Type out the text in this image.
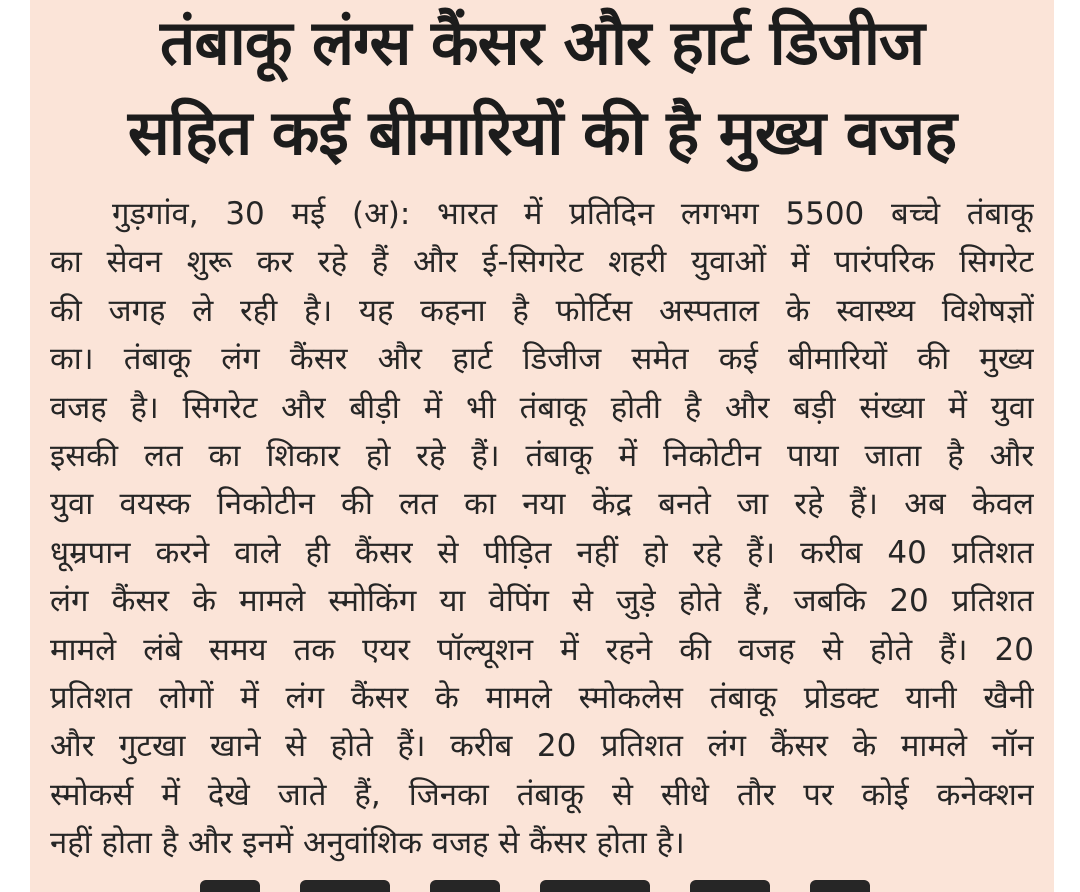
तंबाकू लंग्स कैंसर और हार्ट डिजीज
सहित कई बीमारियों की है मुख्य वजह
गुड़गांव, 30 मई (अ): भारत में प्रतिदिन लगभग 5500 बच्चे तंबाकू
का सेवन शुरू कर रहे हैं और ई-सिगरेट शहरी युवाओं में पारंपरिक सिगरेट
की जगह ले रही है। यह कहना है फोर्टिस अस्पताल के स्वास्थ्य विशेषज्ञों
का। तंबाकू लंग कैंसर और हार्ट डिजीज समेत कई बीमारियों की मुख्य
वजह है। सिगरेट और बीड़ी में भी तंबाकू होती है और बड़ी संख्या में युवा
इसकी लत का शिकार हो रहे हैं। तंबाकू में निकोटीन पाया जाता है और
युवा वयस्क निकोटीन की लत का नया केंद्र बनते जा रहे हैं। अब केवल
धूम्रपान करने वाले ही कैंसर से पीड़ित नहीं हो रहे हैं। करीब 40 प्रतिशत
लंग कैंसर के मामले स्मोकिंग या वेपिंग से जुड़े होते हैं, जबकि 20 प्रतिशत
मामले लंबे समय तक एयर पॉल्यूशन में रहने की वजह से होते हैं। 20
प्रतिशत लोगों में लंग कैंसर के मामले स्मोकलेस तंबाकू प्रोडक्ट यानी खैनी
और गुटखा खाने से होते हैं। करीब 20 प्रतिशत लंग कैंसर के मामले नॉन
स्मोकर्स में देखे जाते हैं, जिनका तंबाकू से सीधे तौर पर कोई कनेक्शन
नहीं होता है और इनमें अनुवांशिक वजह से कैंसर होता है।
